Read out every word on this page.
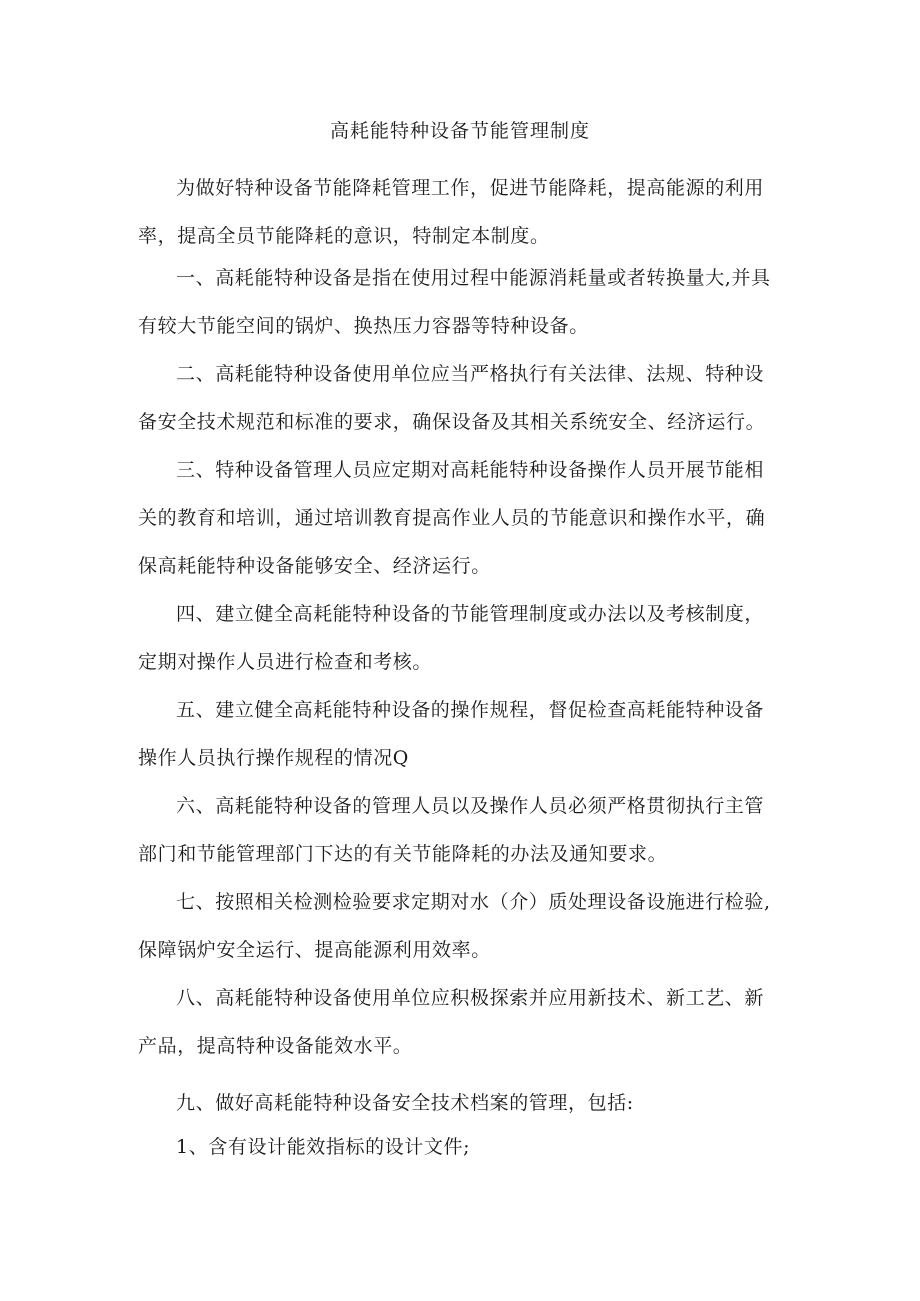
高耗能特种设备节能管理制度

为做好特种设备节能降耗管理工作，促进节能降耗，提高能源的利用
率，提高全员节能降耗的意识，特制定本制度。

一、高耗能特种设备是指在使用过程中能源消耗量或者转换量大,并具
有较大节能空间的锅炉、换热压力容器等特种设备。

二、高耗能特种设备使用单位应当严格执行有关法律、法规、特种设
备安全技术规范和标准的要求，确保设备及其相关系统安全、经济运行。

三、特种设备管理人员应定期对高耗能特种设备操作人员开展节能相
关的教育和培训，通过培训教育提高作业人员的节能意识和操作水平，确
保高耗能特种设备能够安全、经济运行。

四、建立健全高耗能特种设备的节能管理制度或办法以及考核制度，
定期对操作人员进行检查和考核。

五、建立健全高耗能特种设备的操作规程，督促检查高耗能特种设备
操作人员执行操作规程的情况Q

六、高耗能特种设备的管理人员以及操作人员必须严格贯彻执行主管
部门和节能管理部门下达的有关节能降耗的办法及通知要求。

七、按照相关检测检验要求定期对水（介）质处理设备设施进行检验,
保障锅炉安全运行、提高能源利用效率。

八、高耗能特种设备使用单位应积极探索并应用新技术、新工艺、新
产品，提高特种设备能效水平。

九、做好高耗能特种设备安全技术档案的管理，包括:

1、含有设计能效指标的设计文件;
